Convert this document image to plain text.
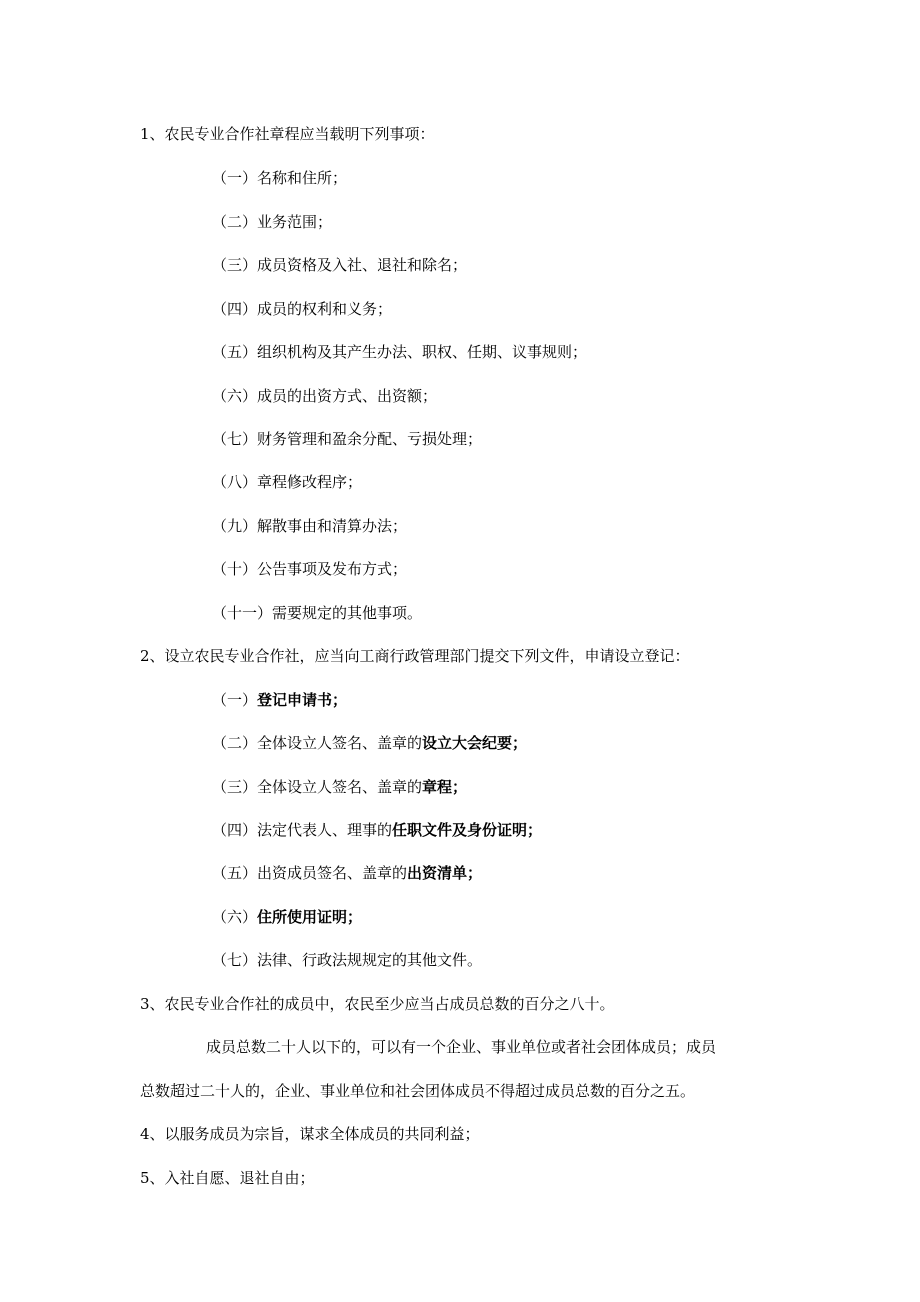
1、农民专业合作社章程应当载明下列事项：
（一）名称和住所；
（二）业务范围；
（三）成员资格及入社、退社和除名；
（四）成员的权利和义务；
（五）组织机构及其产生办法、职权、任期、议事规则；
（六）成员的出资方式、出资额；
（七）财务管理和盈余分配、亏损处理；
（八）章程修改程序；
（九）解散事由和清算办法；
（十）公告事项及发布方式；
（十一）需要规定的其他事项。
2、设立农民专业合作社，应当向工商行政管理部门提交下列文件，申请设立登记：
（一）登记申请书；
（二）全体设立人签名、盖章的设立大会纪要；
（三）全体设立人签名、盖章的章程；
（四）法定代表人、理事的任职文件及身份证明；
（五）出资成员签名、盖章的出资清单；
（六）住所使用证明；
（七）法律、行政法规规定的其他文件。
3、农民专业合作社的成员中，农民至少应当占成员总数的百分之八十。
成员总数二十人以下的，可以有一个企业、事业单位或者社会团体成员；成员
总数超过二十人的，企业、事业单位和社会团体成员不得超过成员总数的百分之五。
4、以服务成员为宗旨，谋求全体成员的共同利益；
5、入社自愿、退社自由；
